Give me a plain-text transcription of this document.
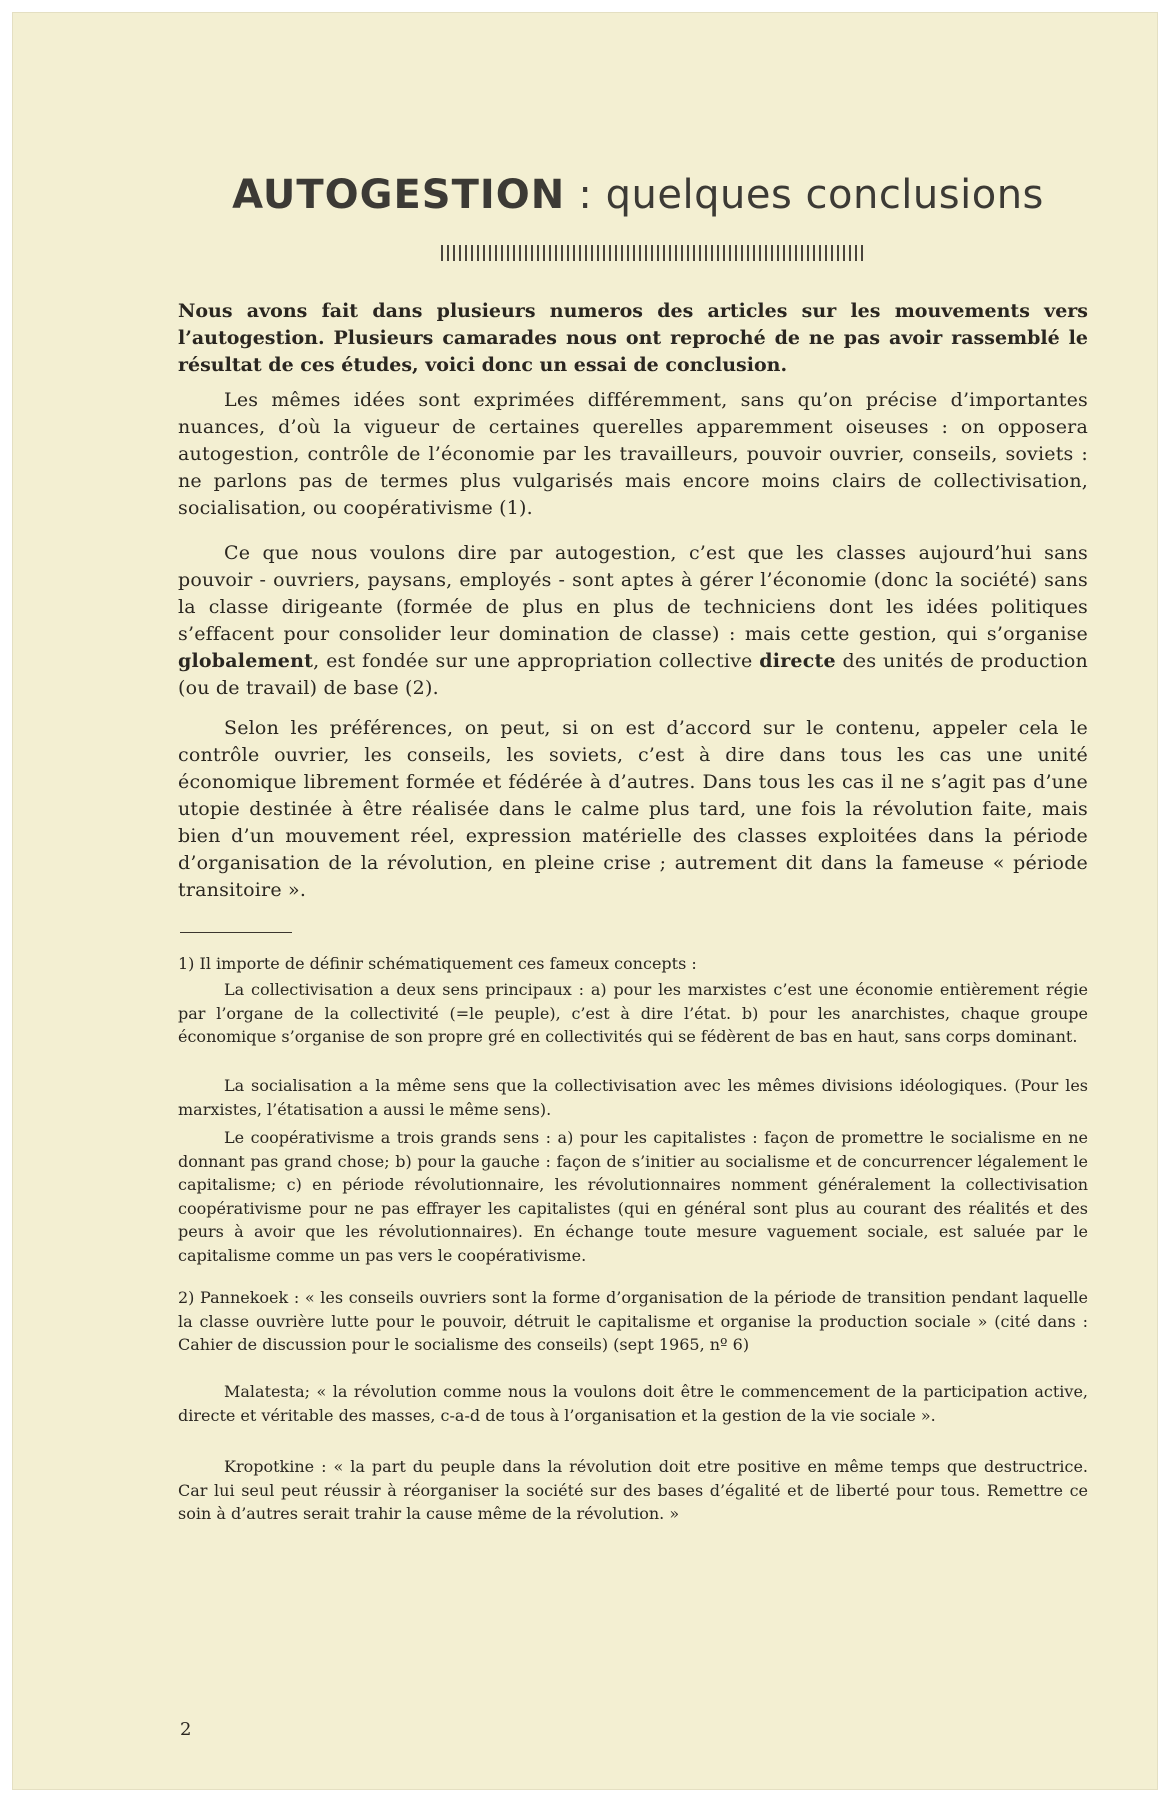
AUTOGESTION : quelques conclusions

Nous avons fait dans plusieurs numeros des articles sur les mouvements vers l’autogestion. Plusieurs camarades nous ont reproché de ne pas avoir rassemblé le résultat de ces études, voici donc un essai de conclusion.

Les mêmes idées sont exprimées différemment, sans qu’on précise d’importantes nuances, d’où la vigueur de certaines querelles apparemment oiseuses : on opposera autogestion, contrôle de l’économie par les travailleurs, pouvoir ouvrier, conseils, soviets : ne parlons pas de termes plus vulgarisés mais encore moins clairs de collectivisation, socialisation, ou coopérativisme (1).

Ce que nous voulons dire par autogestion, c’est que les classes aujourd’hui sans pouvoir - ouvriers, paysans, employés - sont aptes à gérer l’économie (donc la société) sans la classe dirigeante (formée de plus en plus de techniciens dont les idées politiques s’effacent pour consolider leur domination de classe) : mais cette gestion, qui s’organise globalement, est fondée sur une appropriation collective directe des unités de production (ou de travail) de base (2).

Selon les préférences, on peut, si on est d’accord sur le contenu, appeler cela le contrôle ouvrier, les conseils, les soviets, c’est à dire dans tous les cas une unité économique librement formée et fédérée à d’autres. Dans tous les cas il ne s’agit pas d’une utopie destinée à être réalisée dans le calme plus tard, une fois la révolution faite, mais bien d’un mouvement réel, expression matérielle des classes exploitées dans la période d’organisation de la révolution, en pleine crise ; autrement dit dans la fameuse « période transitoire ».

1) Il importe de définir schématiquement ces fameux concepts :

La collectivisation a deux sens principaux : a) pour les marxistes c’est une économie entièrement régie par l’organe de la collectivité (=le peuple), c’est à dire l’état. b) pour les anarchistes, chaque groupe économique s’organise de son propre gré en collectivités qui se fédèrent de bas en haut, sans corps dominant.

La socialisation a la même sens que la collectivisation avec les mêmes divisions idéologiques. (Pour les marxistes, l’étatisation a aussi le même sens).

Le coopérativisme a trois grands sens : a) pour les capitalistes : façon de promettre le socialisme en ne donnant pas grand chose; b) pour la gauche : façon de s’initier au socialisme et de concurrencer légalement le capitalisme; c) en période révolutionnaire, les révolutionnaires nomment généralement la collectivisation coopérativisme pour ne pas effrayer les capitalistes (qui en général sont plus au courant des réalités et des peurs à avoir que les révolutionnaires). En échange toute mesure vaguement sociale, est saluée par le capitalisme comme un pas vers le coopérativisme.

2) Pannekoek : « les conseils ouvriers sont la forme d’organisation de la période de transition pendant laquelle la classe ouvrière lutte pour le pouvoir, détruit le capitalisme et organise la production sociale » (cité dans : Cahier de discussion pour le socialisme des conseils) (sept 1965, nº 6)

Malatesta; « la révolution comme nous la voulons doit être le commencement de la participation active, directe et véritable des masses, c-a-d de tous à l’organisation et la gestion de la vie sociale ».

Kropotkine : « la part du peuple dans la révolution doit etre positive en même temps que destructrice. Car lui seul peut réussir à réorganiser la société sur des bases d’égalité et de liberté pour tous. Remettre ce soin à d’autres serait trahir la cause même de la révolution. »

2
